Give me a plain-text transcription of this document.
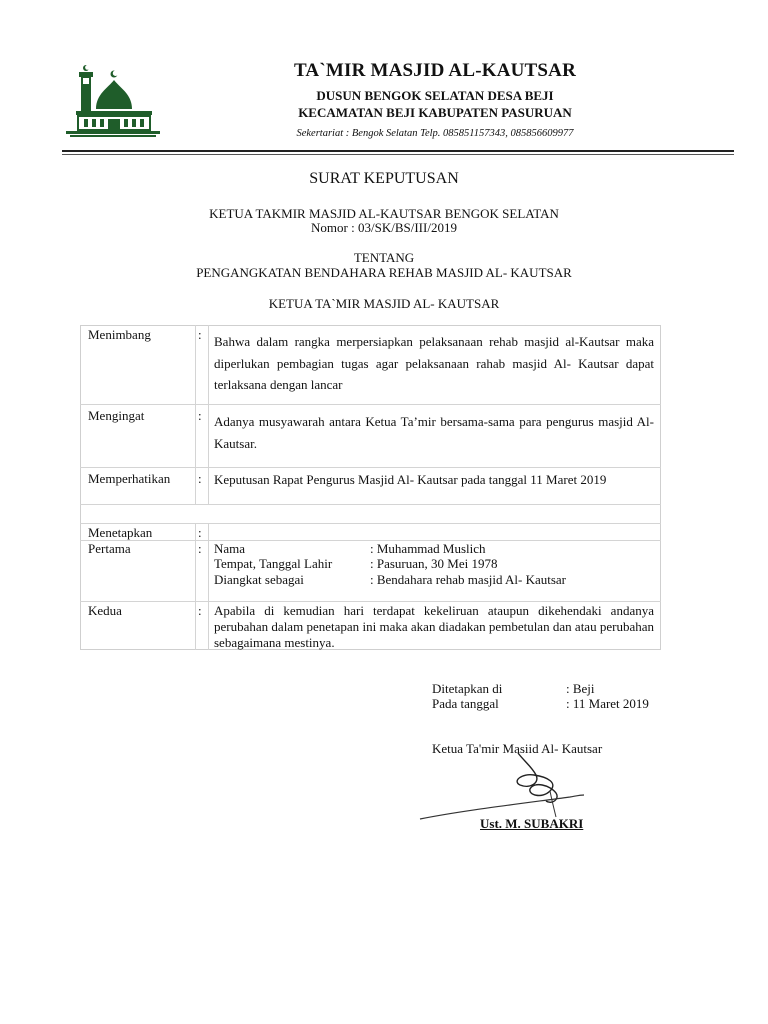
TA`MIR MASJID AL-KAUTSAR
DUSUN BENGOK SELATAN DESA BEJI
KECAMATAN BEJI KABUPATEN PASURUAN
Sekertariat : Bengok Selatan Telp. 085851157343, 085856609977
SURAT KEPUTUSAN
KETUA TAKMIR MASJID AL-KAUTSAR BENGOK SELATAN
Nomor : 03/SK/BS/III/2019
TENTANG
PENGANGKATAN BENDAHARA REHAB MASJID AL- KAUTSAR
KETUA TA`MIR MASJID AL- KAUTSAR
Menimbang	: Bahwa dalam rangka merpersiapkan pelaksanaan rehab masjid al-Kautsar maka diperlukan pembagian tugas agar pelaksanaan rahab masjid Al- Kautsar dapat terlaksana dengan lancar
Mengingat	: Adanya musyawarah antara Ketua Ta’mir bersama-sama para pengurus masjid Al- Kautsar.
Memperhatikan : Keputusan Rapat Pengurus Masjid Al- Kautsar pada tanggal 11 Maret 2019
Menetapkan	:
Pertama	: Nama	: Muhammad Muslich
Tempat, Tanggal Lahir	: Pasuruan, 30 Mei 1978
Diangkat sebagai	: Bendahara rehab masjid Al- Kautsar
Kedua	: Apabila di kemudian hari terdapat kekeliruan ataupun dikehendaki andanya perubahan dalam penetapan ini maka akan diadakan pembetulan dan atau perubahan sebagaimana mestinya.
Ditetapkan di	: Beji
Pada tanggal	: 11 Maret 2019
Ketua Ta'mir Masiid Al- Kautsar
Ust. M. SUBAKRI
